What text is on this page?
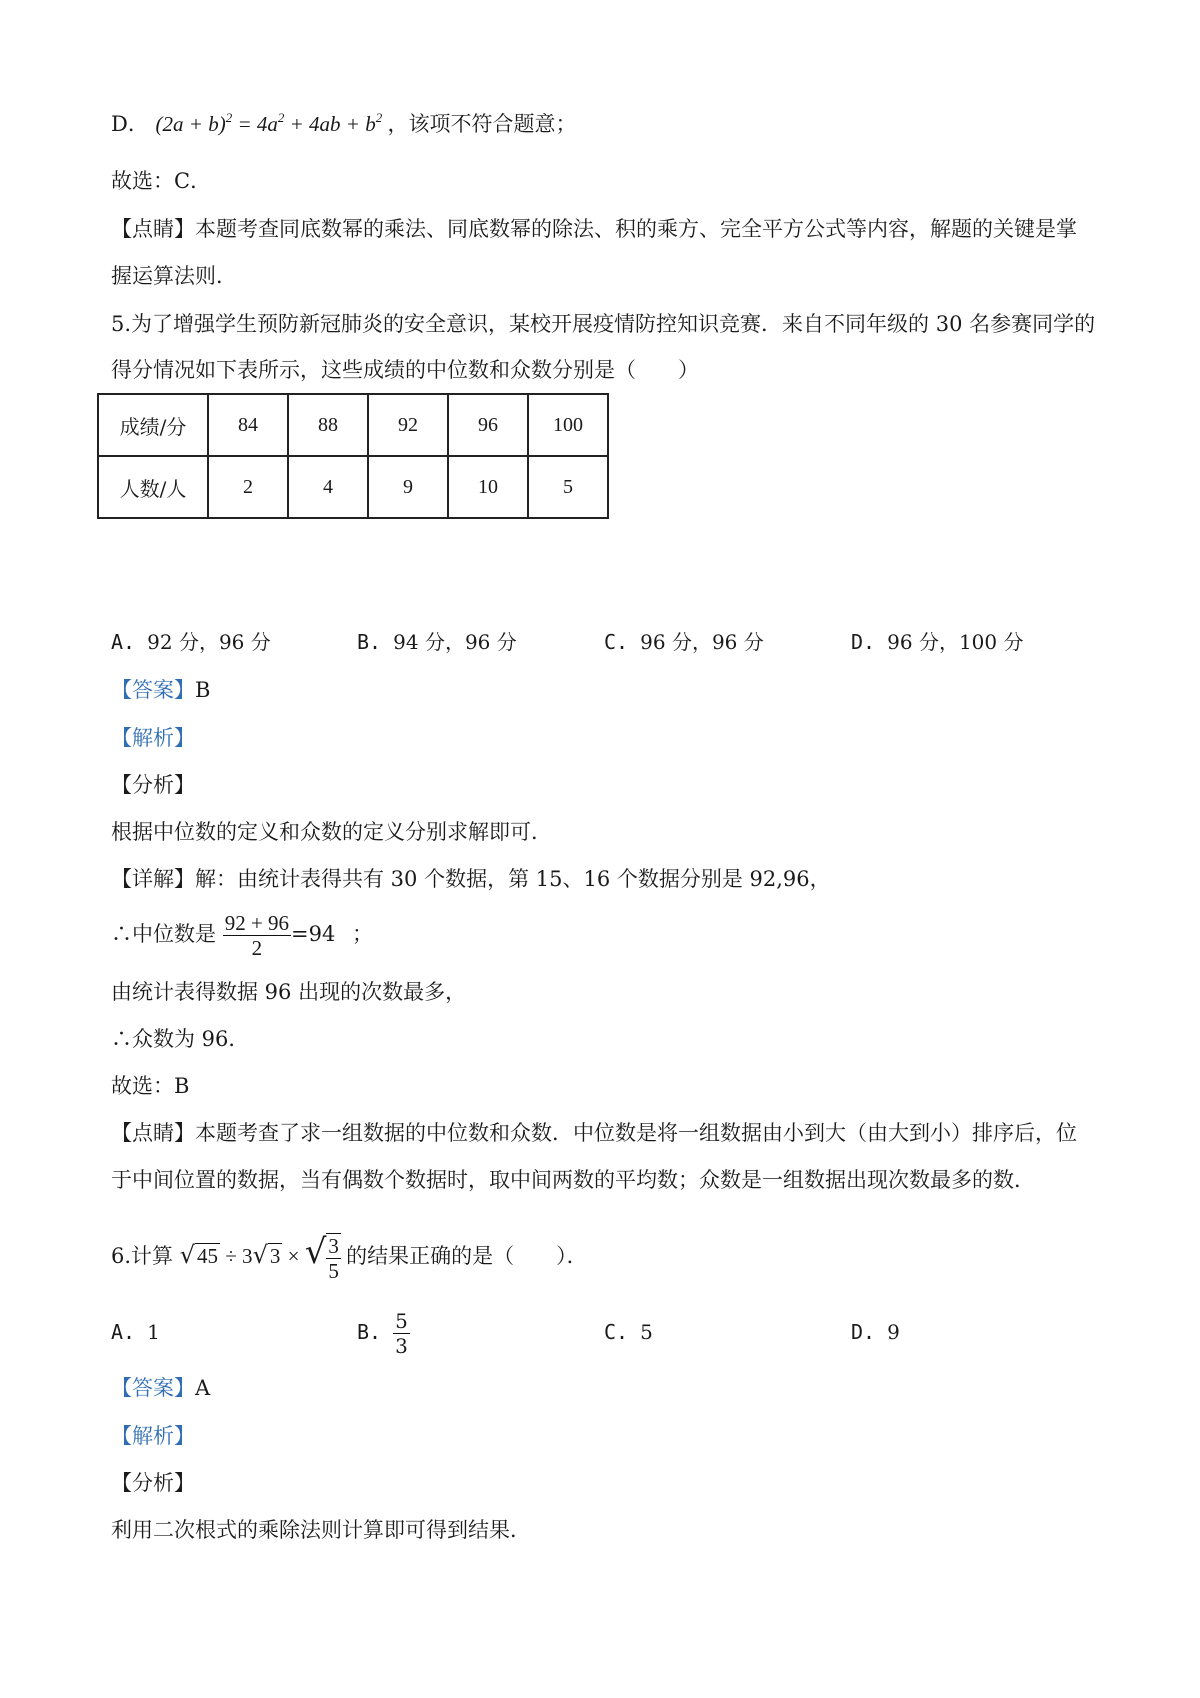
D． $(2a + b)^2 = 4a^2 + 4ab + b^2$ ，该项不符合题意；
故选：C．
【点睛】本题考查同底数幂的乘法、同底数幂的除法、积的乘方、完全平方公式等内容，解题的关键是掌
握运算法则．
5.为了增强学生预防新冠肺炎的安全意识，某校开展疫情防控知识竞赛．来自不同年级的 30 名参赛同学的
得分情况如下表所示，这些成绩的中位数和众数分别是（　　）
成绩/分	84	88	92	96	100
人数/人	2	4	9	10	5
A. 92 分，96 分	B. 94 分，96 分	C. 96 分，96 分	D. 96 分，100 分
【答案】B
【解析】
【分析】
根据中位数的定义和众数的定义分别求解即可．
【详解】解：由统计表得共有 30 个数据，第 15、16 个数据分别是 92,96，
∴中位数是 $\frac{92 + 96}{2} =94$ ；
由统计表得数据 96 出现的次数最多，
∴众数为 96．
故选：B
【点睛】本题考查了求一组数据的中位数和众数．中位数是将一组数据由小到大（由大到小）排序后，位
于中间位置的数据，当有偶数个数据时，取中间两数的平均数；众数是一组数据出现次数最多的数．
6.计算 √45 ÷ 3√3 × √ $\frac{3}{5}$ 的结果正确的是（　　）．
A. 1	B. $\frac{5}{3}$	C. 5	D. 9
【答案】A
【解析】
【分析】
利用二次根式的乘除法则计算即可得到结果．
